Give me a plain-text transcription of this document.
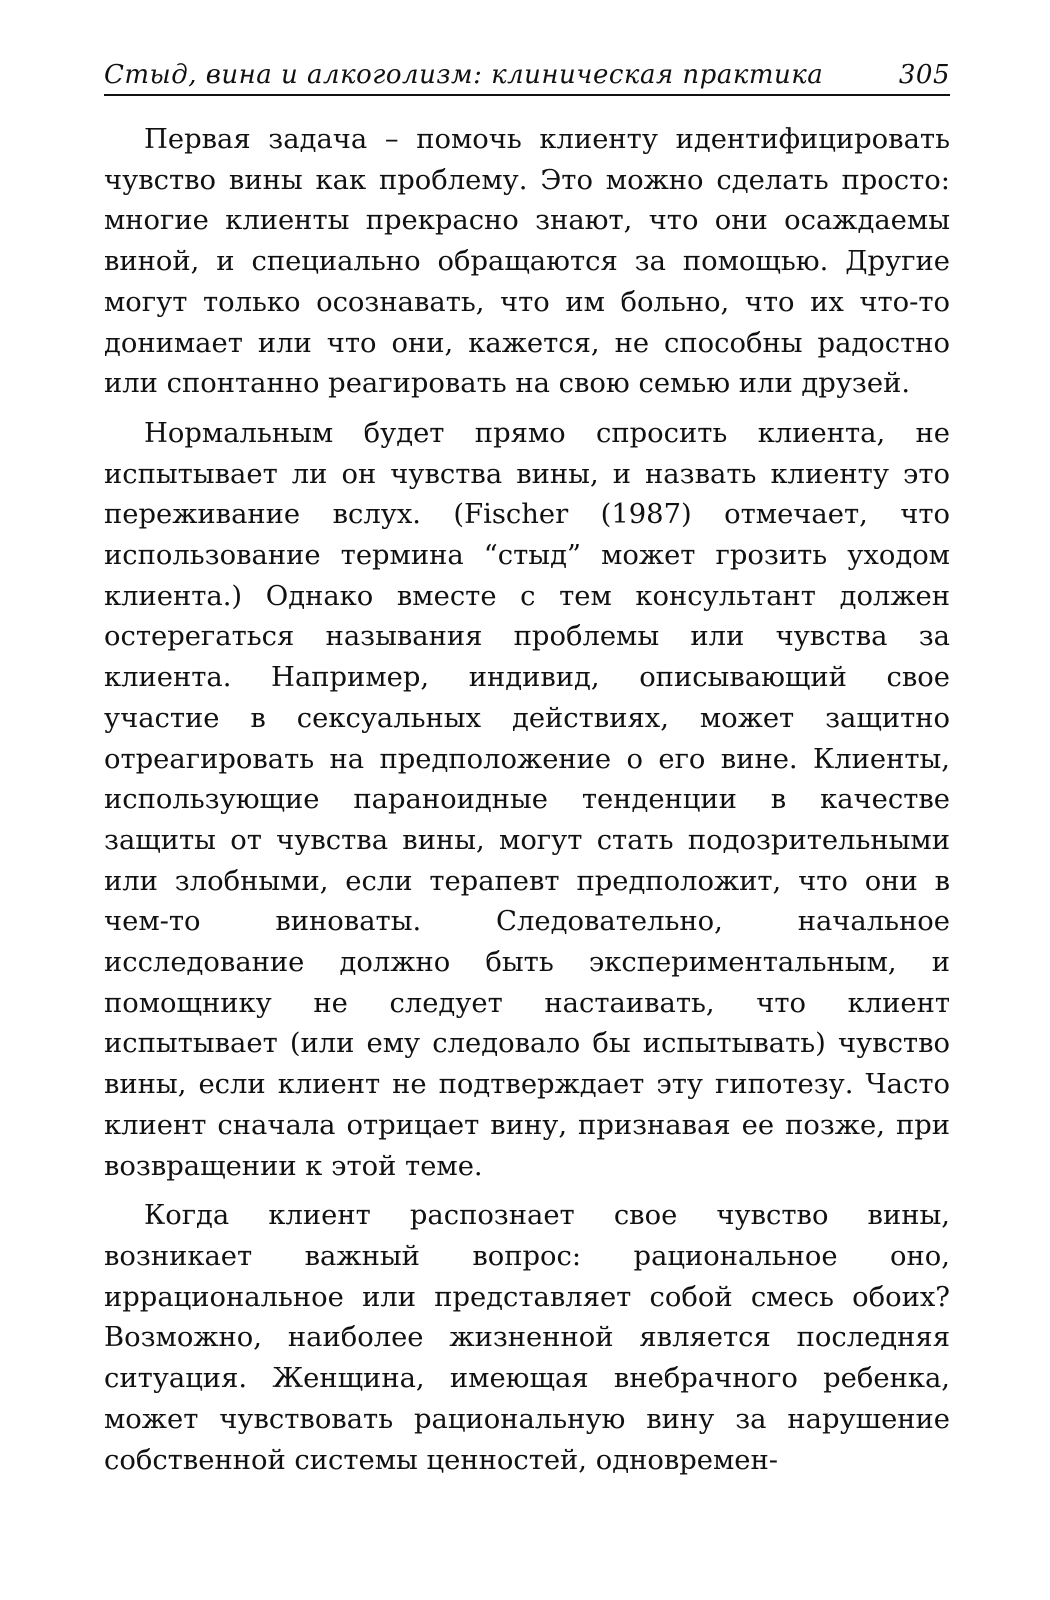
Стыд, вина и алкоголизм: клиническая практика	305

Первая задача – помочь клиенту идентифицировать чувство вины как проблему. Это можно сделать просто: многие клиенты прекрасно знают, что они осаждаемы виной, и специально обращаются за помощью. Другие могут только осознавать, что им больно, что их что-то донимает или что они, кажется, не способны радостно или спонтанно реагировать на свою семью или друзей.

Нормальным будет прямо спросить клиента, не испытывает ли он чувства вины, и назвать клиенту это переживание вслух. (Fischer (1987) отмечает, что использование термина “стыд” может грозить уходом клиента.) Однако вместе с тем консультант должен остерегаться называния проблемы или чувства за клиента. Например, индивид, описывающий свое участие в сексуальных действиях, может защитно отреагировать на предположение о его вине. Клиенты, использующие параноидные тенденции в качестве защиты от чувства вины, могут стать подозрительными или злобными, если терапевт предположит, что они в чем-то виноваты. Следовательно, начальное исследование должно быть экспериментальным, и помощнику не следует настаивать, что клиент испытывает (или ему следовало бы испытывать) чувство вины, если клиент не подтверждает эту гипотезу. Часто клиент сначала отрицает вину, признавая ее позже, при возвращении к этой теме.

Когда клиент распознает свое чувство вины, возникает важный вопрос: рациональное оно, иррациональное или представляет собой смесь обоих? Возможно, наиболее жизненной является последняя ситуация. Женщина, имеющая внебрачного ребенка, может чувствовать рациональную вину за нарушение собственной системы ценностей, одновремен-
